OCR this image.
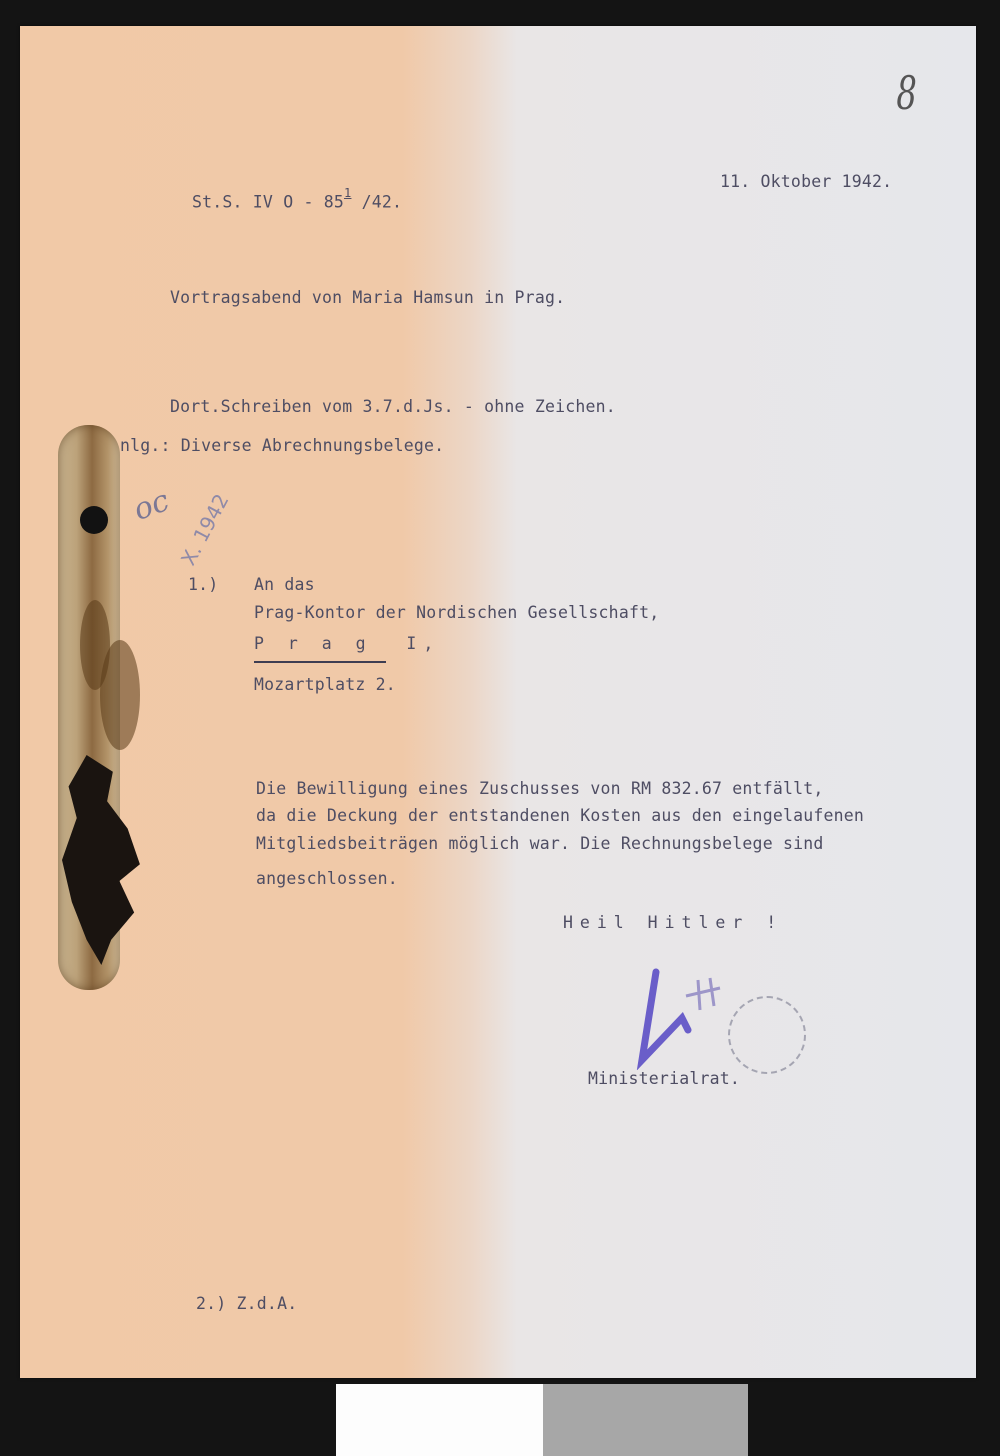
8
11. Oktober 1942.
St.S. IV O - $85^1$ /42.
Vortragsabend von Maria Hamsun in Prag.
Dort.Schreiben vom 3.7.d.Js. - ohne Zeichen.
nlg.: Diverse Abrechnungsbelege.
oc X. 1942
1.) An das
Prag-Kontor der Nordischen Gesellschaft,
P r a g  I,
Mozartplatz 2.
Die Bewilligung eines Zuschusses von RM 832.67 entfällt,
da die Deckung der entstandenen Kosten aus den eingelaufenen
Mitgliedsbeiträgen möglich war. Die Rechnungsbelege sind
angeschlossen.
Heil Hitler !
Ministerialrat.
2.) Z.d.A.
